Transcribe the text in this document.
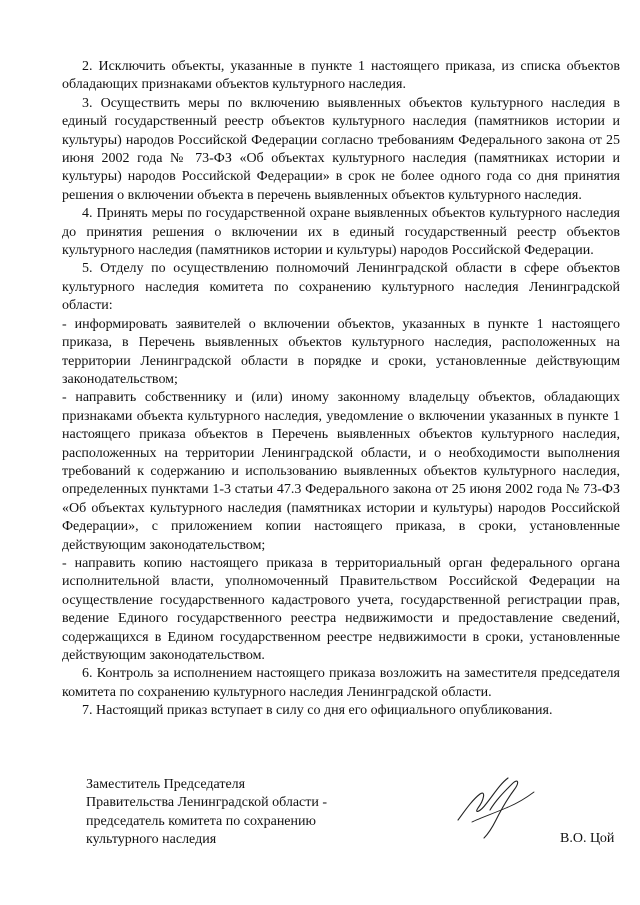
2. Исключить объекты, указанные в пункте 1 настоящего приказа, из списка объектов обладающих признаками объектов культурного наследия.

3. Осуществить меры по включению выявленных объектов культурного наследия в единый государственный реестр объектов культурного наследия (памятников истории и культуры) народов Российской Федерации согласно требованиям Федерального закона от 25 июня 2002 года № 73-ФЗ «Об объектах культурного наследия (памятниках истории и культуры) народов Российской Федерации» в срок не более одного года со дня принятия решения о включении объекта в перечень выявленных объектов культурного наследия.

4. Принять меры по государственной охране выявленных объектов культурного наследия до принятия решения о включении их в единый государственный реестр объектов культурного наследия (памятников истории и культуры) народов Российской Федерации.

5. Отделу по осуществлению полномочий Ленинградской области в сфере объектов культурного наследия комитета по сохранению культурного наследия Ленинградской области:

- информировать заявителей о включении объектов, указанных в пункте 1 настоящего приказа, в Перечень выявленных объектов культурного наследия, расположенных на территории Ленинградской области в порядке и сроки, установленные действующим законодательством;

- направить собственнику и (или) иному законному владельцу объектов, обладающих признаками объекта культурного наследия, уведомление о включении указанных в пункте 1 настоящего приказа объектов в Перечень выявленных объектов культурного наследия, расположенных на территории Ленинградской области, и о необходимости выполнения требований к содержанию и использованию выявленных объектов культурного наследия, определенных пунктами 1-3 статьи 47.3 Федерального закона от 25 июня 2002 года № 73-ФЗ «Об объектах культурного наследия (памятниках истории и культуры) народов Российской Федерации», с приложением копии настоящего приказа, в сроки, установленные действующим законодательством;

- направить копию настоящего приказа в территориальный орган федерального органа исполнительной власти, уполномоченный Правительством Российской Федерации на осуществление государственного кадастрового учета, государственной регистрации прав, ведение Единого государственного реестра недвижимости и предоставление сведений, содержащихся в Едином государственном реестре недвижимости в сроки, установленные действующим законодательством.

6. Контроль за исполнением настоящего приказа возложить на заместителя председателя комитета по сохранению культурного наследия Ленинградской области.

7. Настоящий приказ вступает в силу со дня его официального опубликования.

Заместитель Председателя
Правительства Ленинградской области -
председатель комитета по сохранению
культурного наследия	В.О. Цой
